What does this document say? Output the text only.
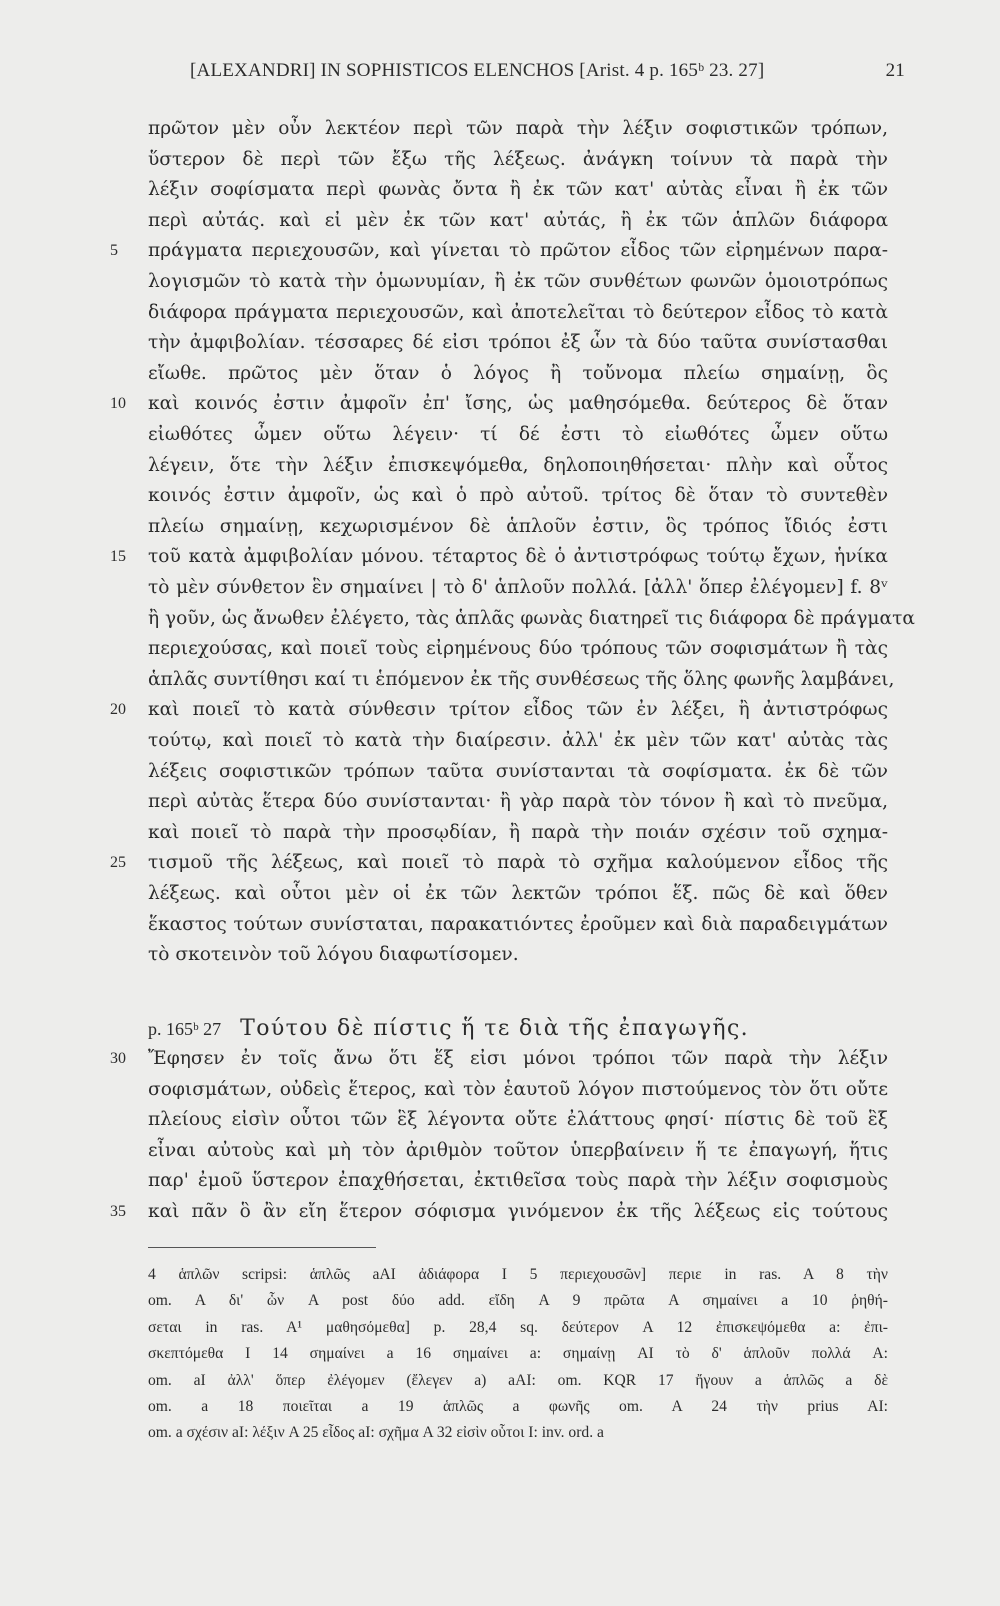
[ALEXANDRI] IN SOPHISTICOS ELENCHOS [Arist. 4 p. 165ᵇ 23. 27]	21
πρῶτον μὲν οὖν λεκτέον περὶ τῶν παρὰ τὴν λέξιν σοφιστικῶν τρόπων,
ὕστερον δὲ περὶ τῶν ἔξω τῆς λέξεως. ἀνάγκη τοίνυν τὰ παρὰ τὴν
λέξιν σοφίσματα περὶ φωνὰς ὄντα ἢ ἐκ τῶν κατ' αὐτὰς εἶναι ἢ ἐκ τῶν
περὶ αὐτάς. καὶ εἰ μὲν ἐκ τῶν κατ' αὐτάς, ἢ ἐκ τῶν ἁπλῶν διάφορα
πράγματα περιεχουσῶν, καὶ γίνεται τὸ πρῶτον εἶδος τῶν εἰρημένων παρα-
λογισμῶν τὸ κατὰ τὴν ὁμωνυμίαν, ἢ ἐκ τῶν συνθέτων φωνῶν ὁμοιοτρόπως
διάφορα πράγματα περιεχουσῶν, καὶ ἀποτελεῖται τὸ δεύτερον εἶδος τὸ κατὰ
τὴν ἀμφιβολίαν. τέσσαρες δέ εἰσι τρόποι ἐξ ὧν τὰ δύο ταῦτα συνίστασθαι
εἴωθε. πρῶτος μὲν ὅταν ὁ λόγος ἢ τοὔνομα πλείω σημαίνῃ, ὃς
καὶ κοινός ἐστιν ἀμφοῖν ἐπ' ἴσης, ὡς μαθησόμεθα. δεύτερος δὲ ὅταν
εἰωθότες ὦμεν οὕτω λέγειν· τί δέ ἐστι τὸ εἰωθότες ὦμεν οὕτω
λέγειν, ὅτε τὴν λέξιν ἐπισκεψόμεθα, δηλοποιηθήσεται· πλὴν καὶ οὗτος
κοινός ἐστιν ἀμφοῖν, ὡς καὶ ὁ πρὸ αὐτοῦ. τρίτος δὲ ὅταν τὸ συντεθὲν
πλείω σημαίνῃ, κεχωρισμένον δὲ ἁπλοῦν ἐστιν, ὃς τρόπος ἴδιός ἐστι
τοῦ κατὰ ἀμφιβολίαν μόνου. τέταρτος δὲ ὁ ἀντιστρόφως τούτῳ ἔχων, ἡνίκα
τὸ μὲν σύνθετον ἓν σημαίνει | τὸ δ' ἁπλοῦν πολλά. [ἀλλ' ὅπερ ἐλέγομεν] f. 8ᵛ
ἢ γοῦν, ὡς ἄνωθεν ἐλέγετο, τὰς ἁπλᾶς φωνὰς διατηρεῖ τις διάφορα δὲ πράγματα
περιεχούσας, καὶ ποιεῖ τοὺς εἰρημένους δύο τρόπους τῶν σοφισμάτων ἢ τὰς
ἁπλᾶς συντίθησι καί τι ἑπόμενον ἐκ τῆς συνθέσεως τῆς ὅλης φωνῆς λαμβάνει,
καὶ ποιεῖ τὸ κατὰ σύνθεσιν τρίτον εἶδος τῶν ἐν λέξει, ἢ ἀντιστρόφως
τούτῳ, καὶ ποιεῖ τὸ κατὰ τὴν διαίρεσιν. ἀλλ' ἐκ μὲν τῶν κατ' αὐτὰς τὰς
λέξεις σοφιστικῶν τρόπων ταῦτα συνίστανται τὰ σοφίσματα. ἐκ δὲ τῶν
περὶ αὐτὰς ἕτερα δύο συνίστανται· ἢ γὰρ παρὰ τὸν τόνον ἢ καὶ τὸ πνεῦμα,
καὶ ποιεῖ τὸ παρὰ τὴν προσῳδίαν, ἢ παρὰ τὴν ποιάν σχέσιν τοῦ σχημα-
τισμοῦ τῆς λέξεως, καὶ ποιεῖ τὸ παρὰ τὸ σχῆμα καλούμενον εἶδος τῆς
λέξεως. καὶ οὗτοι μὲν οἱ ἐκ τῶν λεκτῶν τρόποι ἕξ. πῶς δὲ καὶ ὅθεν
ἕκαστος τούτων συνίσταται, παρακατιόντες ἐροῦμεν καὶ διὰ παραδειγμάτων
τὸ σκοτεινὸν τοῦ λόγου διαφωτίσομεν.
5
10
15
20
25
30
35
p. 165ᵇ 27 Τούτου δὲ πίστις ἥ τε διὰ τῆς ἐπαγωγῆς.
Ἔφησεν ἐν τοῖς ἄνω ὅτι ἕξ εἰσι μόνοι τρόποι τῶν παρὰ τὴν λέξιν
σοφισμάτων, οὐδεὶς ἕτερος, καὶ τὸν ἑαυτοῦ λόγον πιστούμενος τὸν ὅτι οὔτε
πλείους εἰσὶν οὗτοι τῶν ἓξ λέγοντα οὔτε ἐλάττους φησί· πίστις δὲ τοῦ ἓξ
εἶναι αὐτοὺς καὶ μὴ τὸν ἀριθμὸν τοῦτον ὑπερβαίνειν ἥ τε ἐπαγωγή, ἥτις
παρ' ἐμοῦ ὕστερον ἐπαχθήσεται, ἐκτιθεῖσα τοὺς παρὰ τὴν λέξιν σοφισμοὺς
καὶ πᾶν ὃ ἂν εἴη ἕτερον σόφισμα γινόμενον ἐκ τῆς λέξεως εἰς τούτους
4 ἁπλῶν scripsi: ἁπλῶς aAI ἀδιάφορα I 5 περιεχουσῶν] περιε in ras. A 8 τὴν
om. A δι' ὧν A post δύο add. εἴδη A 9 πρῶτα A σημαίνει a 10 ῥηθή-
σεται in ras. A¹ μαθησόμεθα] p. 28,4 sq. δεύτερον A 12 ἐπισκεψόμεθα a: ἐπι-
σκεπτόμεθα I 14 σημαίνει a 16 σημαίνει a: σημαίνῃ AI τὸ δ' ἁπλοῦν πολλά A:
om. aI ἀλλ' ὅπερ ἐλέγομεν (ἔλεγεν a) aAI: om. KQR 17 ἤγουν a ἁπλῶς a δὲ
om. a 18 ποιεῖται a 19 ἁπλῶς a φωνῆς om. A 24 τὴν prius AI:
om. a σχέσιν aI: λέξιν A 25 εἶδος aI: σχῆμα A 32 εἰσὶν οὗτοι I: inv. ord. a
